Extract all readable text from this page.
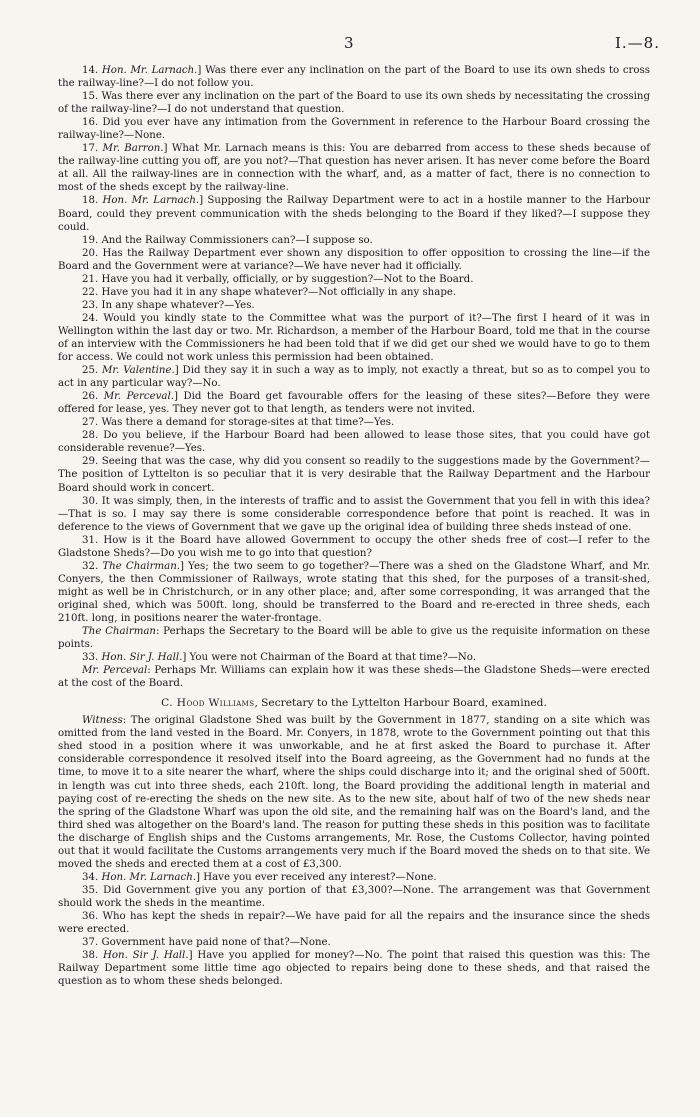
3	I.—8.

14. Hon. Mr. Larnach.] Was there ever any inclination on the part of the Board to use its own sheds to cross the railway-line?—I do not follow you.

15. Was there ever any inclination on the part of the Board to use its own sheds by necessitating the crossing of the railway-line?—I do not understand that question.

16. Did you ever have any intimation from the Government in reference to the Harbour Board crossing the railway-line?—None.

17. Mr. Barron.] What Mr. Larnach means is this: You are debarred from access to these sheds because of the railway-line cutting you off, are you not?—That question has never arisen. It has never come before the Board at all. All the railway-lines are in connection with the wharf, and, as a matter of fact, there is no connection to most of the sheds except by the railway-line.

18. Hon. Mr. Larnach.] Supposing the Railway Department were to act in a hostile manner to the Harbour Board, could they prevent communication with the sheds belonging to the Board if they liked?—I suppose they could.

19. And the Railway Commissioners can?—I suppose so.

20. Has the Railway Department ever shown any disposition to offer opposition to crossing the line—if the Board and the Government were at variance?—We have never had it officially.

21. Have you had it verbally, officially, or by suggestion?—Not to the Board.

22. Have you had it in any shape whatever?—Not officially in any shape.

23. In any shape whatever?—Yes.

24. Would you kindly state to the Committee what was the purport of it?—The first I heard of it was in Wellington within the last day or two. Mr. Richardson, a member of the Harbour Board, told me that in the course of an interview with the Commissioners he had been told that if we did get our shed we would have to go to them for access. We could not work unless this permission had been obtained.

25. Mr. Valentine.] Did they say it in such a way as to imply, not exactly a threat, but so as to compel you to act in any particular way?—No.

26. Mr. Perceval.] Did the Board get favourable offers for the leasing of these sites?—Before they were offered for lease, yes. They never got to that length, as tenders were not invited.

27. Was there a demand for storage-sites at that time?—Yes.

28. Do you believe, if the Harbour Board had been allowed to lease those sites, that you could have got considerable revenue?—Yes.

29. Seeing that was the case, why did you consent so readily to the suggestions made by the Government?—The position of Lyttelton is so peculiar that it is very desirable that the Railway Department and the Harbour Board should work in concert.

30. It was simply, then, in the interests of traffic and to assist the Government that you fell in with this idea?—That is so. I may say there is some considerable correspondence before that point is reached. It was in deference to the views of Government that we gave up the original idea of building three sheds instead of one.

31. How is it the Board have allowed Government to occupy the other sheds free of cost—I refer to the Gladstone Sheds?—Do you wish me to go into that question?

32. The Chairman.] Yes; the two seem to go together?—There was a shed on the Gladstone Wharf, and Mr. Conyers, the then Commissioner of Railways, wrote stating that this shed, for the purposes of a transit-shed, might as well be in Christchurch, or in any other place; and, after some corresponding, it was arranged that the original shed, which was 500ft. long, should be transferred to the Board and re-erected in three sheds, each 210ft. long, in positions nearer the water-frontage.

The Chairman: Perhaps the Secretary to the Board will be able to give us the requisite information on these points.

33. Hon. Sir J. Hall.] You were not Chairman of the Board at that time?—No.

Mr. Perceval: Perhaps Mr. Williams can explain how it was these sheds—the Gladstone Sheds—were erected at the cost of the Board.

C. Hood Williams, Secretary to the Lyttelton Harbour Board, examined.

Witness: The original Gladstone Shed was built by the Government in 1877, standing on a site which was omitted from the land vested in the Board. Mr. Conyers, in 1878, wrote to the Government pointing out that this shed stood in a position where it was unworkable, and he at first asked the Board to purchase it. After considerable correspondence it resolved itself into the Board agreeing, as the Government had no funds at the time, to move it to a site nearer the wharf, where the ships could discharge into it; and the original shed of 500ft. in length was cut into three sheds, each 210ft. long, the Board providing the additional length in material and paying cost of re-erecting the sheds on the new site. As to the new site, about half of two of the new sheds near the spring of the Gladstone Wharf was upon the old site, and the remaining half was on the Board's land, and the third shed was altogether on the Board's land. The reason for putting these sheds in this position was to facilitate the discharge of English ships and the Customs arrangements, Mr. Rose, the Customs Collector, having pointed out that it would facilitate the Customs arrangements very much if the Board moved the sheds on to that site. We moved the sheds and erected them at a cost of £3,300.

34. Hon. Mr. Larnach.] Have you ever received any interest?—None.

35. Did Government give you any portion of that £3,300?—None. The arrangement was that Government should work the sheds in the meantime.

36. Who has kept the sheds in repair?—We have paid for all the repairs and the insurance since the sheds were erected.

37. Government have paid none of that?—None.

38. Hon. Sir J. Hall.] Have you applied for money?—No. The point that raised this question was this: The Railway Department some little time ago objected to repairs being done to these sheds, and that raised the question as to whom these sheds belonged.
